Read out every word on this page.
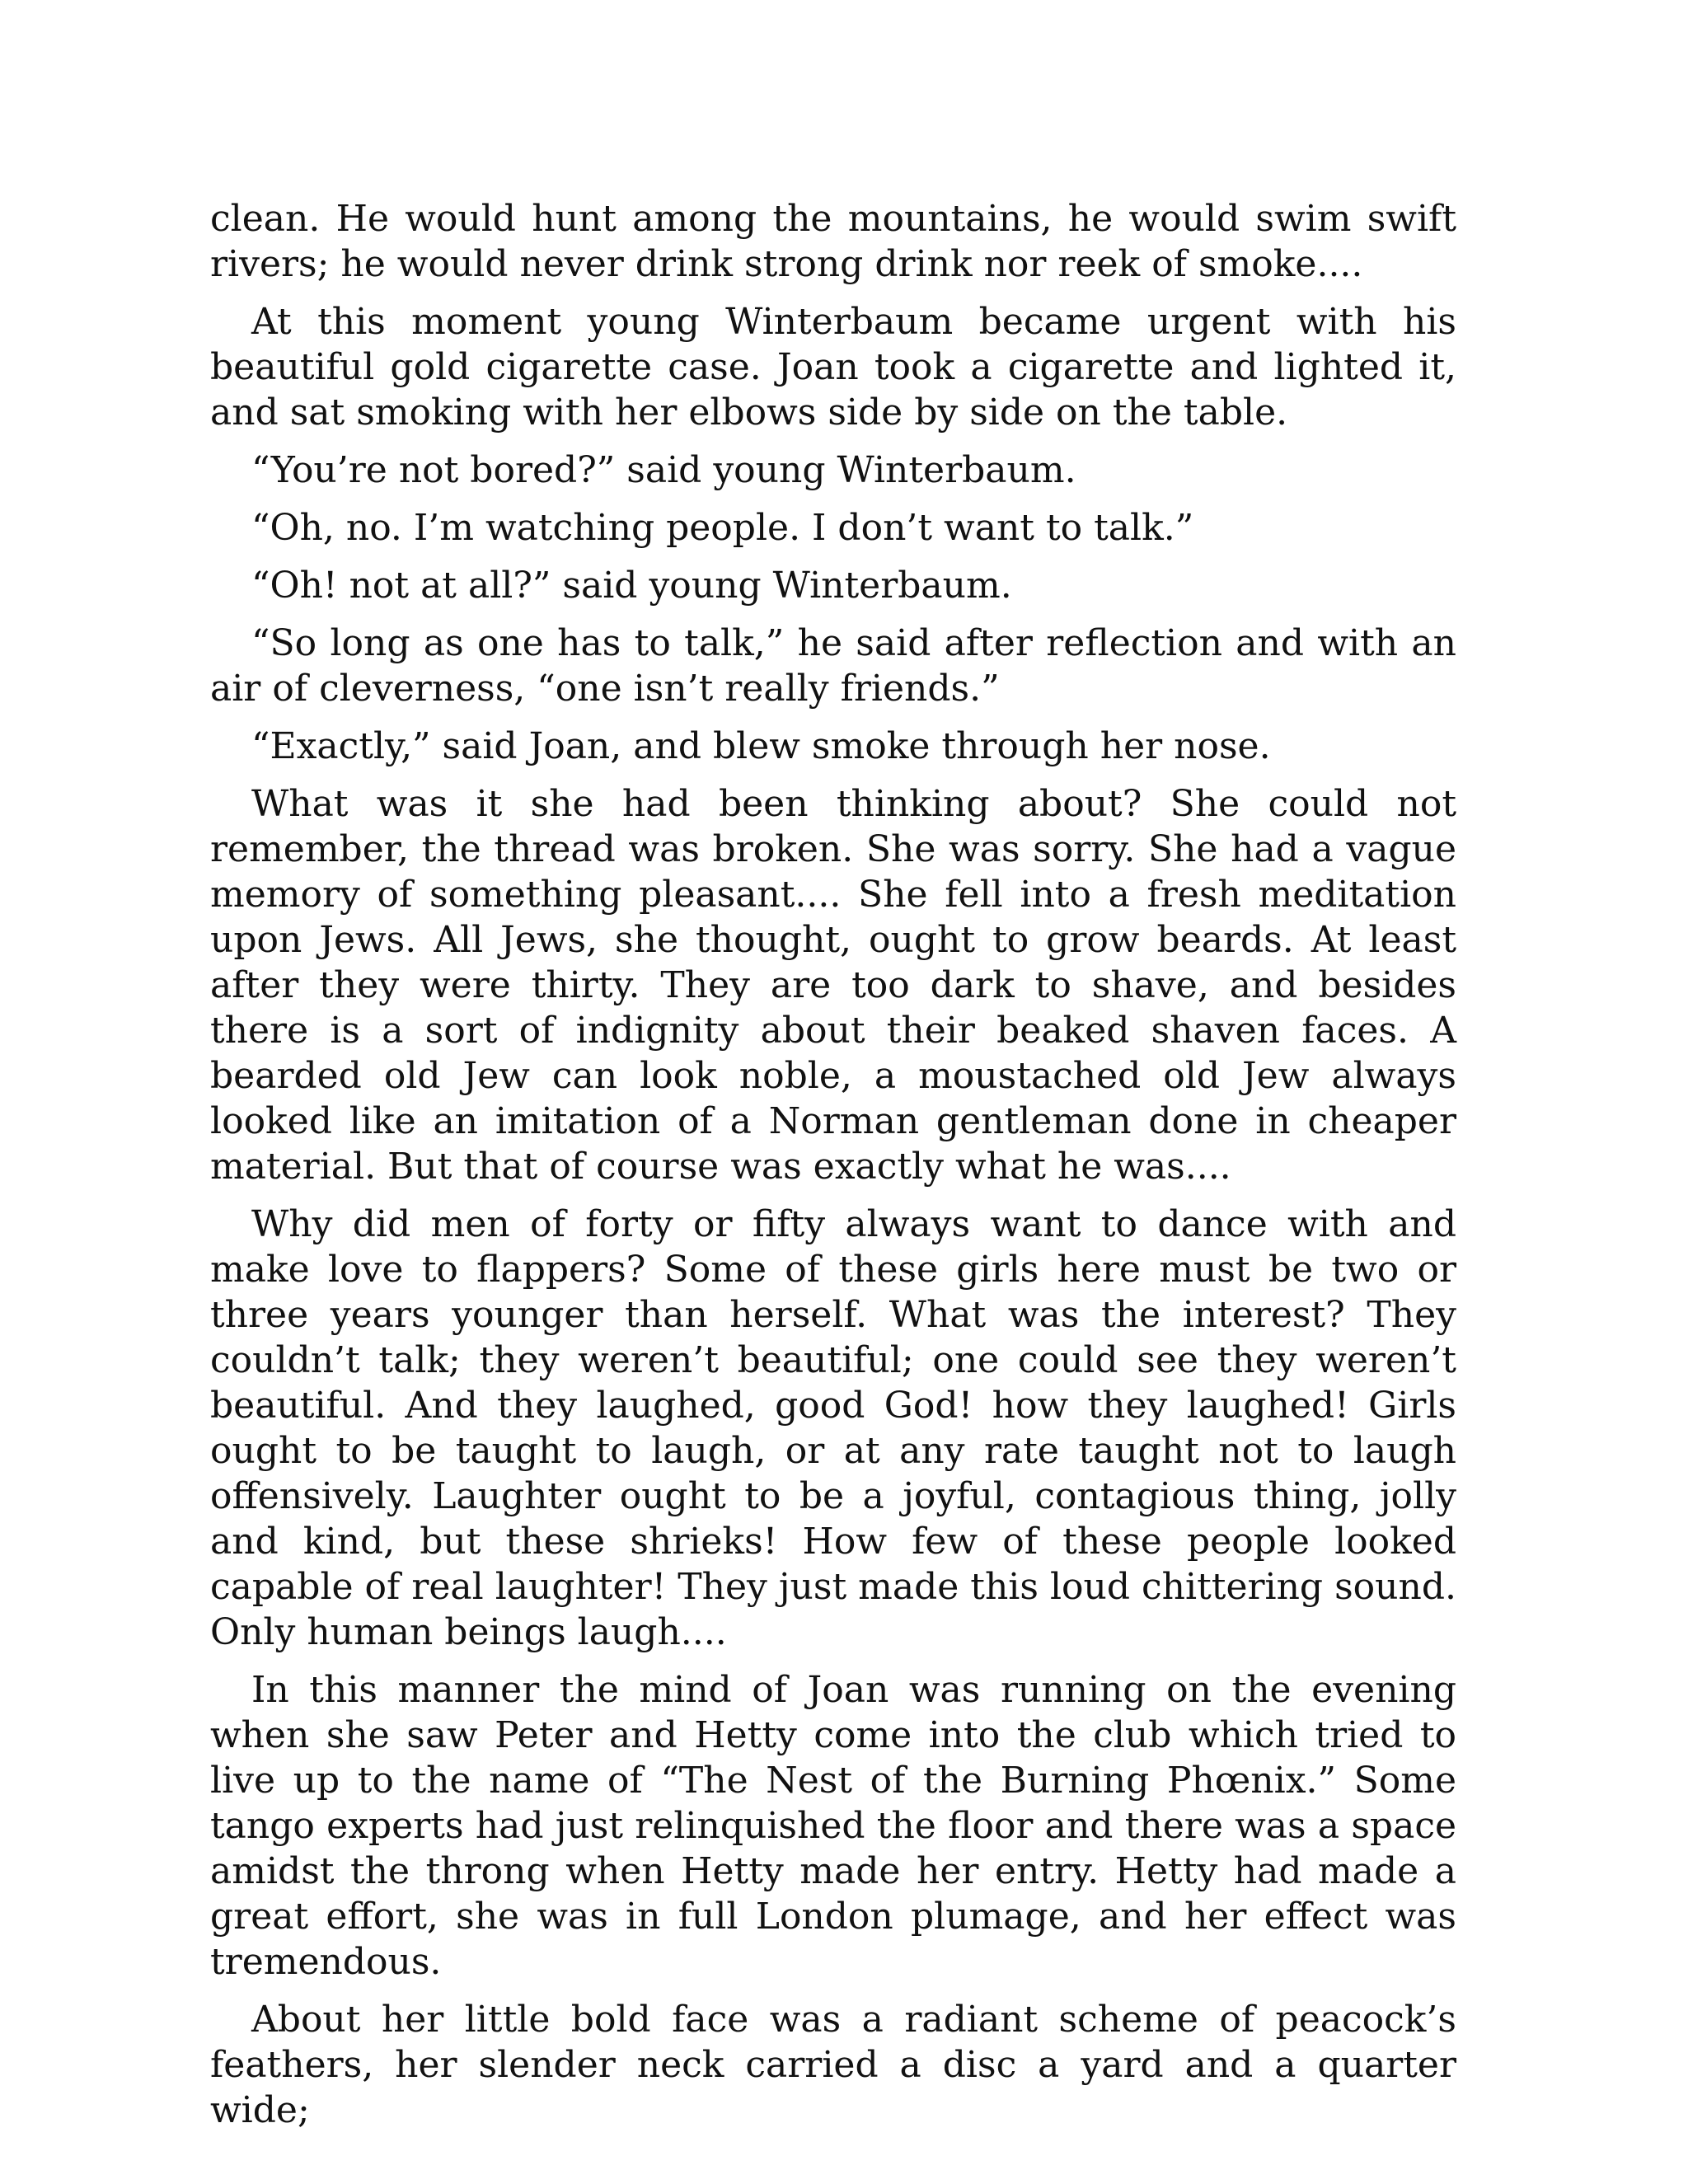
clean. He would hunt among the mountains, he would swim swift rivers; he would never drink strong drink nor reek of smoke....

At this moment young Winterbaum became urgent with his beautiful gold cigarette case. Joan took a cigarette and lighted it, and sat smoking with her elbows side by side on the table.

“You’re not bored?” said young Winterbaum.

“Oh, no. I’m watching people. I don’t want to talk.”

“Oh! not at all?” said young Winterbaum.

“So long as one has to talk,” he said after reflection and with an air of cleverness, “one isn’t really friends.”

“Exactly,” said Joan, and blew smoke through her nose.

What was it she had been thinking about? She could not remember, the thread was broken. She was sorry. She had a vague memory of something pleasant.... She fell into a fresh meditation upon Jews. All Jews, she thought, ought to grow beards. At least after they were thirty. They are too dark to shave, and besides there is a sort of indignity about their beaked shaven faces. A bearded old Jew can look noble, a moustached old Jew always looked like an imitation of a Norman gentleman done in cheaper material. But that of course was exactly what he was....

Why did men of forty or fifty always want to dance with and make love to flappers? Some of these girls here must be two or three years younger than herself. What was the interest? They couldn’t talk; they weren’t beautiful; one could see they weren’t beautiful. And they laughed, good God! how they laughed! Girls ought to be taught to laugh, or at any rate taught not to laugh offensively. Laughter ought to be a joyful, contagious thing, jolly and kind, but these shrieks! How few of these people looked capable of real laughter! They just made this loud chittering sound. Only human beings laugh....

In this manner the mind of Joan was running on the evening when she saw Peter and Hetty come into the club which tried to live up to the name of “The Nest of the Burning Phœnix.” Some tango experts had just relinquished the floor and there was a space amidst the throng when Hetty made her entry. Hetty had made a great effort, she was in full London plumage, and her effect was tremendous.

About her little bold face was a radiant scheme of peacock’s feathers, her slender neck carried a disc a yard and a quarter wide;
